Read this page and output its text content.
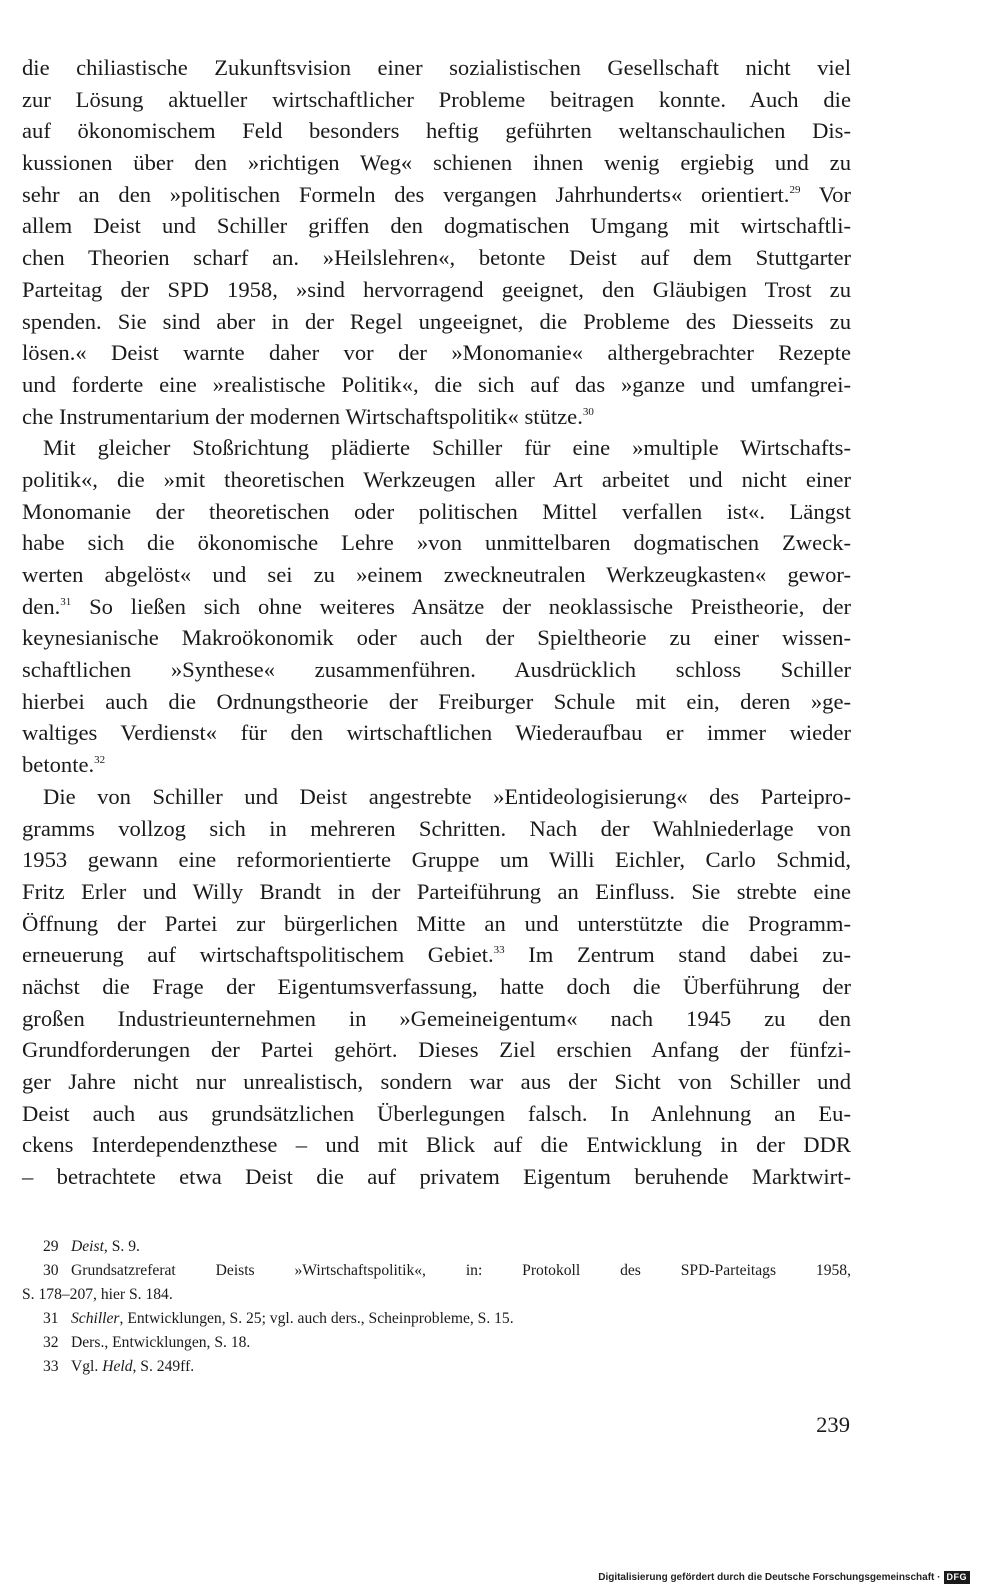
die chiliastische Zukunftsvision einer sozialistischen Gesellschaft nicht viel
zur Lösung aktueller wirtschaftlicher Probleme beitragen konnte. Auch die
auf ökonomischem Feld besonders heftig geführten weltanschaulichen Dis-
kussionen über den »richtigen Weg« schienen ihnen wenig ergiebig und zu
sehr an den »politischen Formeln des vergangen Jahrhunderts« orientiert.$^{29}$ Vor
allem Deist und Schiller griffen den dogmatischen Umgang mit wirtschaftli-
chen Theorien scharf an. »Heilslehren«, betonte Deist auf dem Stuttgarter
Parteitag der SPD 1958, »sind hervorragend geeignet, den Gläubigen Trost zu
spenden. Sie sind aber in der Regel ungeeignet, die Probleme des Diesseits zu
lösen.« Deist warnte daher vor der »Monomanie« althergebrachter Rezepte
und forderte eine »realistische Politik«, die sich auf das »ganze und umfangrei-
che Instrumentarium der modernen Wirtschaftspolitik« stütze.$^{30}$
Mit gleicher Stoßrichtung plädierte Schiller für eine »multiple Wirtschafts-
politik«, die »mit theoretischen Werkzeugen aller Art arbeitet und nicht einer
Monomanie der theoretischen oder politischen Mittel verfallen ist«. Längst
habe sich die ökonomische Lehre »von unmittelbaren dogmatischen Zweck-
werten abgelöst« und sei zu »einem zweckneutralen Werkzeugkasten« gewor-
den.$^{31}$ So ließen sich ohne weiteres Ansätze der neoklassische Preistheorie, der
keynesianische Makroökonomik oder auch der Spieltheorie zu einer wissen-
schaftlichen »Synthese« zusammenführen. Ausdrücklich schloss Schiller
hierbei auch die Ordnungstheorie der Freiburger Schule mit ein, deren »ge-
waltiges Verdienst« für den wirtschaftlichen Wiederaufbau er immer wieder
betonte.$^{32}$
Die von Schiller und Deist angestrebte »Entideologisierung« des Parteipro-
gramms vollzog sich in mehreren Schritten. Nach der Wahlniederlage von
1953 gewann eine reformorientierte Gruppe um Willi Eichler, Carlo Schmid,
Fritz Erler und Willy Brandt in der Parteiführung an Einfluss. Sie strebte eine
Öffnung der Partei zur bürgerlichen Mitte an und unterstützte die Programm-
erneuerung auf wirtschaftspolitischem Gebiet.$^{33}$ Im Zentrum stand dabei zu-
nächst die Frage der Eigentumsverfassung, hatte doch die Überführung der
großen Industrieunternehmen in »Gemeineigentum« nach 1945 zu den
Grundforderungen der Partei gehört. Dieses Ziel erschien Anfang der fünfzi-
ger Jahre nicht nur unrealistisch, sondern war aus der Sicht von Schiller und
Deist auch aus grundsätzlichen Überlegungen falsch. In Anlehnung an Eu-
ckens Interdependenzthese – und mit Blick auf die Entwicklung in der DDR
– betrachtete etwa Deist die auf privatem Eigentum beruhende Marktwirt-
29 Deist, S. 9.
30 Grundsatzreferat Deists »Wirtschaftspolitik«, in: Protokoll des SPD-Parteitags 1958,
S. 178–207, hier S. 184.
31 Schiller, Entwicklungen, S. 25; vgl. auch ders., Scheinprobleme, S. 15.
32 Ders., Entwicklungen, S. 18.
33 Vgl. Held, S. 249ff.
239
Digitalisierung gefördert durch die Deutsche Forschungsgemeinschaft · DFG
